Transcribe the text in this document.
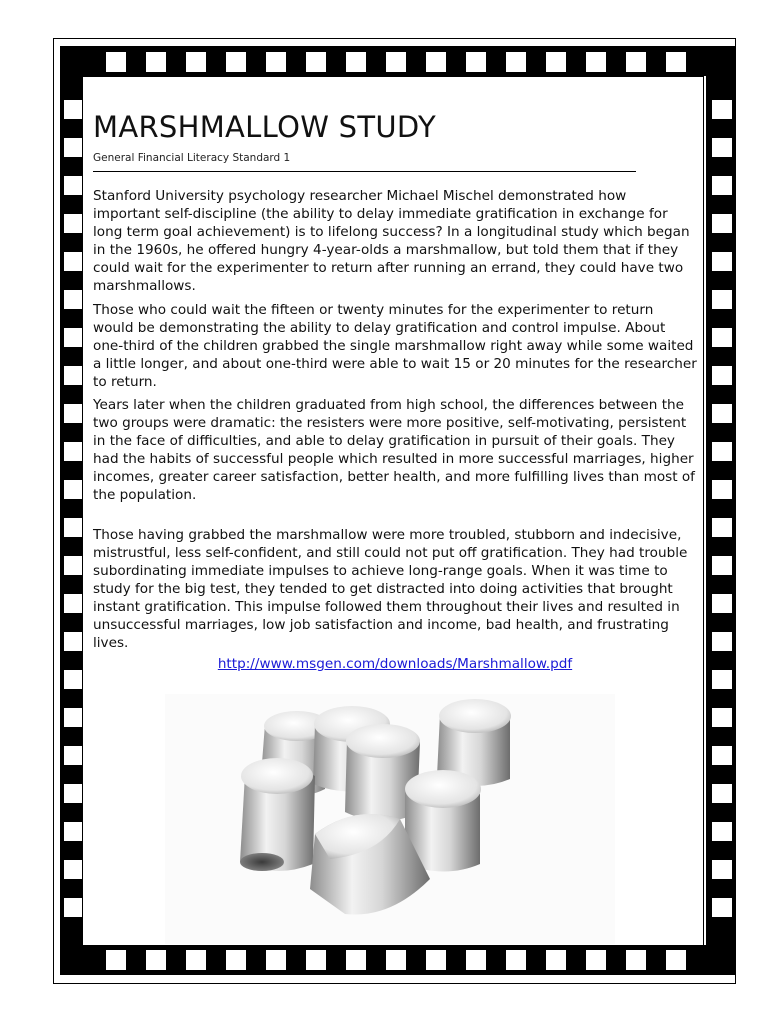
MARSHMALLOW STUDY
General Financial Literacy Standard 1

Stanford University psychology researcher Michael Mischel demonstrated how important self-discipline (the ability to delay immediate gratification in exchange for long term goal achievement) is to lifelong success? In a longitudinal study which began in the 1960s, he offered hungry 4-year-olds a marshmallow, but told them that if they could wait for the experimenter to return after running an errand, they could have two marshmallows.

Those who could wait the fifteen or twenty minutes for the experimenter to return would be demonstrating the ability to delay gratification and control impulse. About one-third of the children grabbed the single marshmallow right away while some waited a little longer, and about one-third were able to wait 15 or 20 minutes for the researcher to return.

Years later when the children graduated from high school, the differences between the two groups were dramatic: the resisters were more positive, self-motivating, persistent in the face of difficulties, and able to delay gratification in pursuit of their goals. They had the habits of successful people which resulted in more successful marriages, higher incomes, greater career satisfaction, better health, and more fulfilling lives than most of the population.

Those having grabbed the marshmallow were more troubled, stubborn and indecisive, mistrustful, less self-confident, and still could not put off gratification. They had trouble subordinating immediate impulses to achieve long-range goals. When it was time to study for the big test, they tended to get distracted into doing activities that brought instant gratification. This impulse followed them throughout their lives and resulted in unsuccessful marriages, low job satisfaction and income, bad health, and frustrating lives.

http://www.msgen.com/downloads/Marshmallow.pdf
